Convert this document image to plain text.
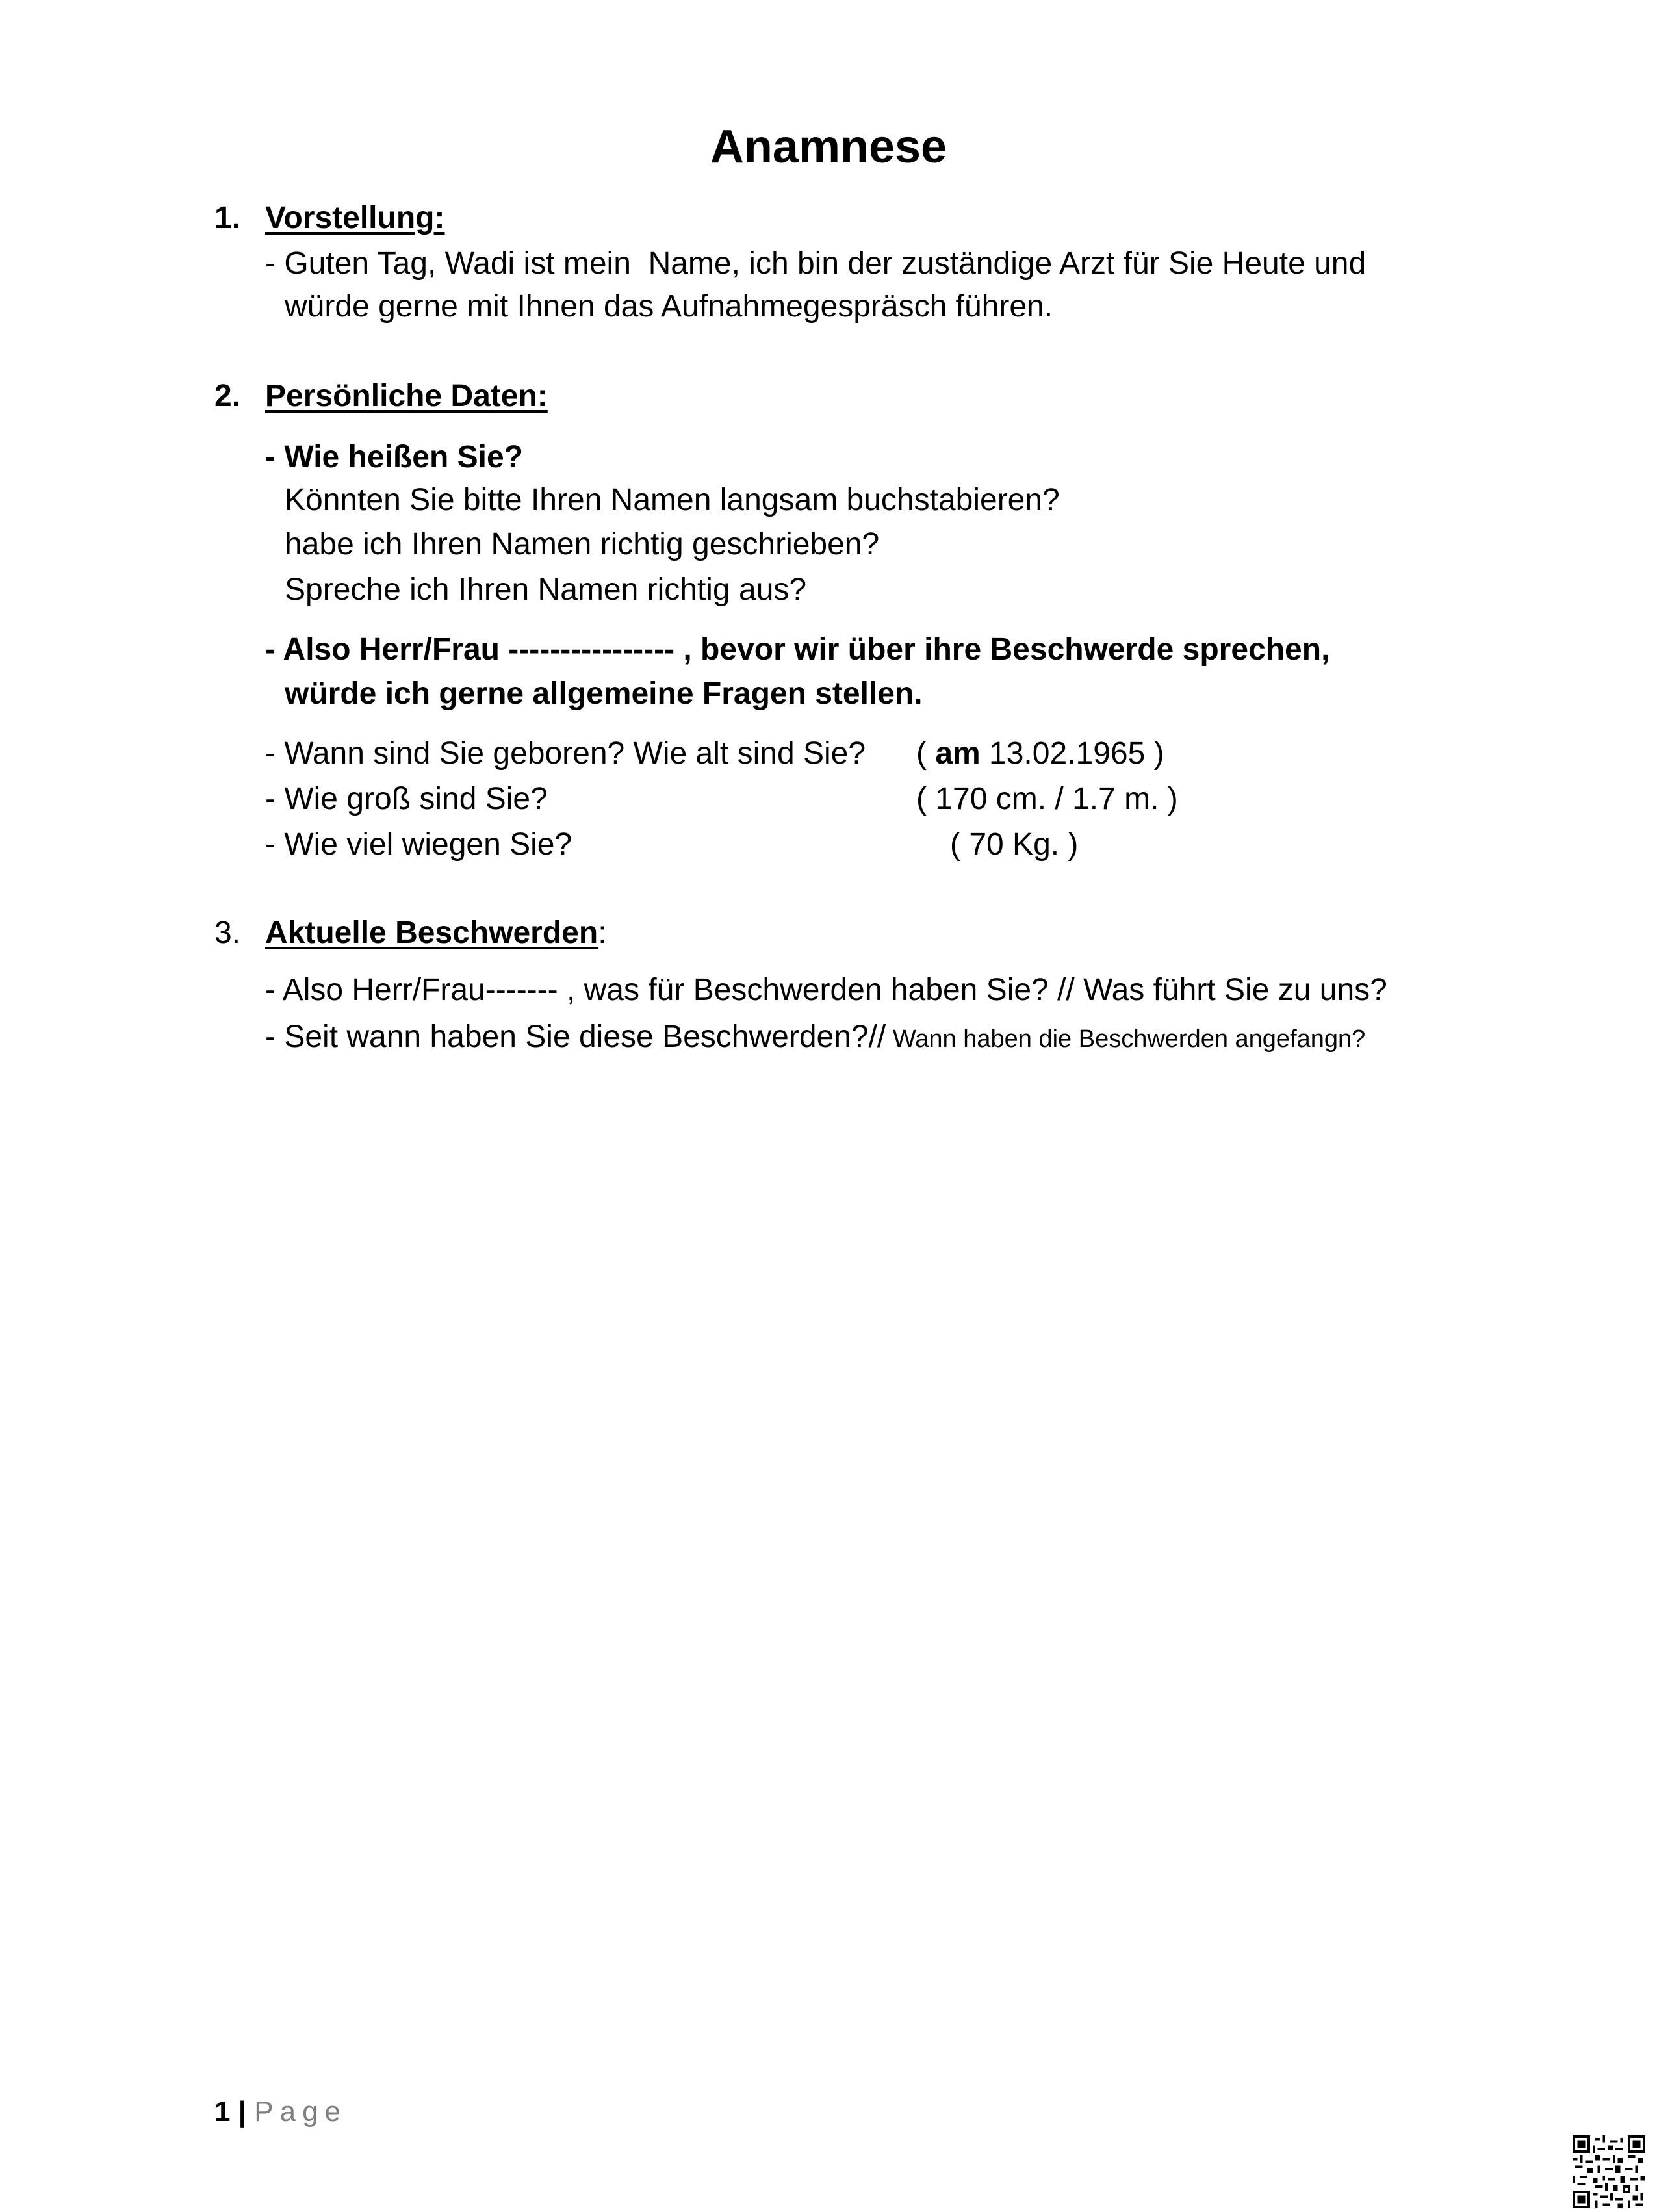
Anamnese
1. Vorstellung:
- Guten Tag, Wadi ist mein  Name, ich bin der zuständige Arzt für Sie Heute und
würde gerne mit Ihnen das Aufnahmegespräsch führen.
2. Persönliche Daten:
- Wie heißen Sie?
Könnten Sie bitte Ihren Namen langsam buchstabieren?
habe ich Ihren Namen richtig geschrieben?
Spreche ich Ihren Namen richtig aus?
- Also Herr/Frau ---------------- , bevor wir über ihre Beschwerde sprechen,
würde ich gerne allgemeine Fragen stellen.
- Wann sind Sie geboren? Wie alt sind Sie? ( am 13.02.1965 )
- Wie groß sind Sie?	( 170 cm. / 1.7 m. )
- Wie viel wiegen Sie?	( 70 Kg. )
3. Aktuelle Beschwerden:
- Also Herr/Frau------- , was für Beschwerden haben Sie? // Was führt Sie zu uns?
- Seit wann haben Sie diese Beschwerden?// Wann haben die Beschwerden angefangn?
1 | Page
